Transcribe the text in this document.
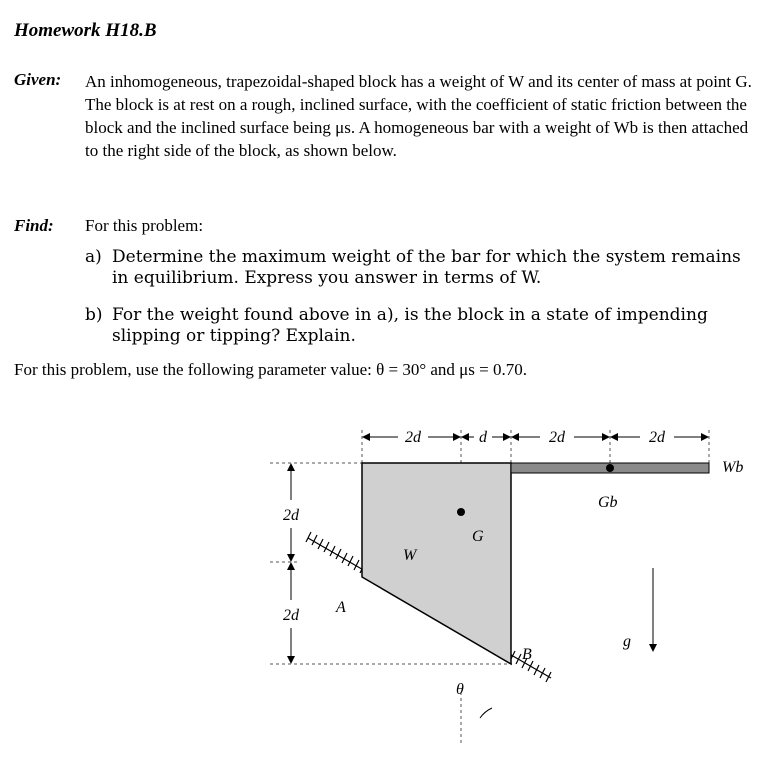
Homework H18.B
Given: An inhomogeneous, trapezoidal-shaped block has a weight of W and its center of mass at point G. The block is at rest on a rough, inclined surface, with the coefficient of static friction between the block and the inclined surface being μs. A homogeneous bar with a weight of Wb is then attached to the right side of the block, as shown below.
Find: For this problem:
a) Determine the maximum weight of the bar for which the system remains in equilibrium. Express you answer in terms of W.
b) For the weight found above in a), is the block in a state of impending slipping or tipping? Explain.
For this problem, use the following parameter value: θ = 30° and μs = 0.70.
2d	d	2d	2d
2d
2d
Wb
Gb
W
G
A
B
g
θ
